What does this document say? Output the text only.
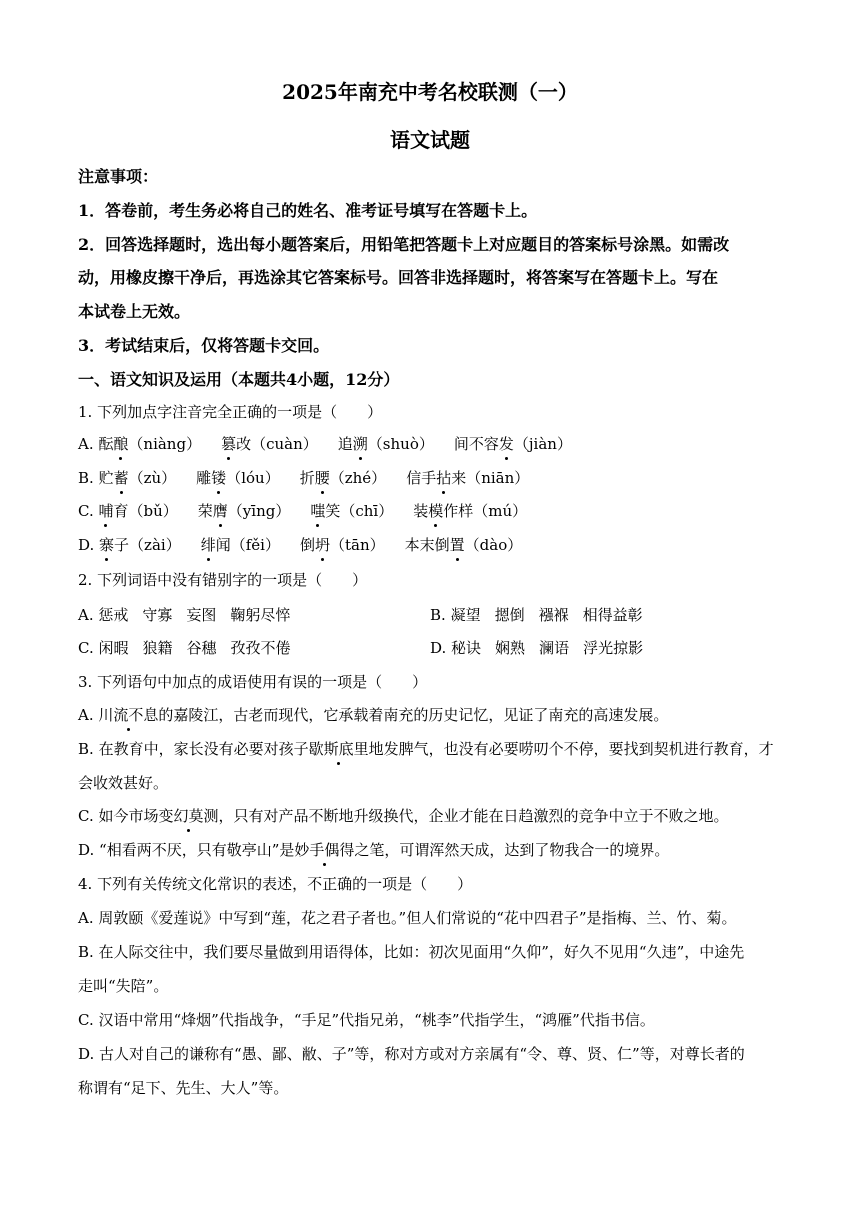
2025年南充中考名校联测（一）
语文试题
注意事项：
1．答卷前，考生务必将自己的姓名、准考证号填写在答题卡上。
2．回答选择题时，选出每小题答案后，用铅笔把答题卡上对应题目的答案标号涂黑。如需改
动，用橡皮擦干净后，再选涂其它答案标号。回答非选择题时，将答案写在答题卡上。写在
本试卷上无效。
3．考试结束后，仅将答题卡交回。
一、语文知识及运用（本题共4小题，12分）
1. 下列加点字注音完全正确的一项是（　　）
A. 酝酿（niàng） 篡改（cuàn） 追溯（shuò） 间不容发（jiàn）
B. 贮蓄（zù） 雕镂（lóu） 折腰（zhé） 信手拈来（niān）
C. 哺育（bǔ） 荣膺（yīng） 嗤笑（chī） 装模作样（mú）
D. 寨子（zài） 绯闻（fěi） 倒坍（tān） 本末倒置（dào）
2. 下列词语中没有错别字的一项是（　　）
A. 惩戒 守寡 妄图 鞠躬尽悴	B. 凝望 摁倒 襁褓 相得益彰
C. 闲暇 狼籍 谷穗 孜孜不倦	D. 秘诀 娴熟 澜语 浮光掠影
3. 下列语句中加点的成语使用有误的一项是（　　）
A. 川流不息的嘉陵江，古老而现代，它承载着南充的历史记忆，见证了南充的高速发展。
B. 在教育中，家长没有必要对孩子歇斯底里地发脾气，也没有必要唠叨个不停，要找到契机进行教育，才
会收效甚好。
C. 如今市场变幻莫测，只有对产品不断地升级换代，企业才能在日趋激烈的竞争中立于不败之地。
D. “相看两不厌，只有敬亭山”是妙手偶得之笔，可谓浑然天成，达到了物我合一的境界。
4. 下列有关传统文化常识的表述，不正确的一项是（　　）
A. 周敦颐《爱莲说》中写到“莲，花之君子者也。”但人们常说的“花中四君子”是指梅、兰、竹、菊。
B. 在人际交往中，我们要尽量做到用语得体，比如：初次见面用“久仰”，好久不见用“久违”，中途先
走叫“失陪”。
C. 汉语中常用“烽烟”代指战争，“手足”代指兄弟，“桃李”代指学生，“鸿雁”代指书信。
D. 古人对自己的谦称有“愚、鄙、敝、子”等，称对方或对方亲属有“令、尊、贤、仁”等，对尊长者的
称谓有“足下、先生、大人”等。
